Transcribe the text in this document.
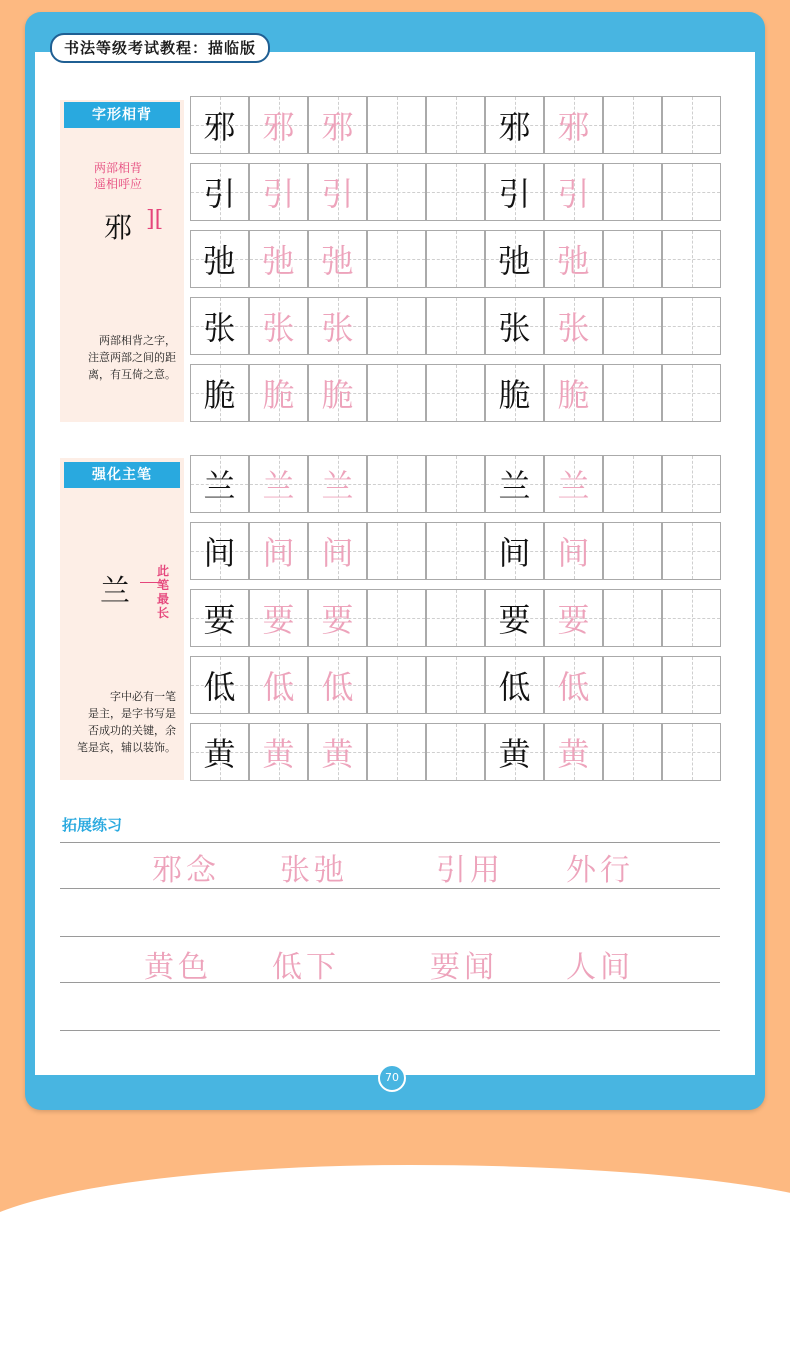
书法等级考试教程：描临版
字形相背
两部相背
遥相呼应
邪 ][
两部相背之字，
注意两部之间的距
离，有互倚之意。
邪 邪 邪	邪 邪
引 引 引	引 引
弛 弛 弛	弛 弛
张 张 张	张 张
脆 脆 脆	脆 脆
强化主笔
兰
此笔最长
字中必有一笔
是主，是字书写是
否成功的关键，余
笔是宾，辅以装饰。
兰 兰 兰	兰 兰
间 间 间	间 间
要 要 要	要 要
低 低 低	低 低
黄 黄 黄	黄 黄
拓展练习
邪念 张弛	引用 外行
黄色 低下	要闻 人间
70
